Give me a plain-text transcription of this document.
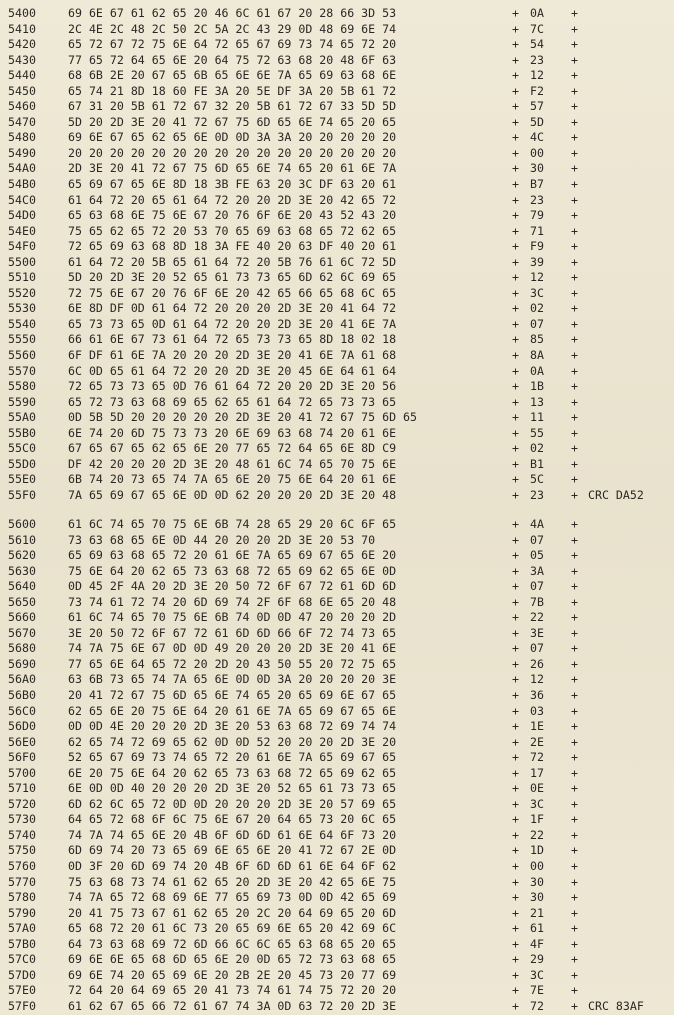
5400	69 6E 67 61 62 65 20 46 6C 61 67 20 28 66 3D 53	+ 0A +
5410	2C 4E 2C 48 2C 50 2C 5A 2C 43 29 0D 48 69 6E 74	+ 7C +
5420	65 72 67 72 75 6E 64 72 65 67 69 73 74 65 72 20	+ 54 +
5430	77 65 72 64 65 6E 20 64 75 72 63 68 20 48 6F 63	+ 23 +
5440	68 6B 2E 20 67 65 6B 65 6E 6E 7A 65 69 63 68 6E	+ 12 +
5450	65 74 21 8D 18 60 FE 3A 20 5E DF 3A 20 5B 61 72	+ F2 +
5460	67 31 20 5B 61 72 67 32 20 5B 61 72 67 33 5D 5D	+ 57 +
5470	5D 20 2D 3E 20 41 72 67 75 6D 65 6E 74 65 20 65	+ 5D +
5480	69 6E 67 65 62 65 6E 0D 0D 3A 3A 20 20 20 20 20	+ 4C +
5490	20 20 20 20 20 20 20 20 20 20 20 20 20 20 20 20	+ 00 +
54A0	2D 3E 20 41 72 67 75 6D 65 6E 74 65 20 61 6E 7A	+ 30 +
54B0	65 69 67 65 6E 8D 18 3B FE 63 20 3C DF 63 20 61	+ B7 +
54C0	61 64 72 20 65 61 64 72 20 20 2D 3E 20 42 65 72	+ 23 +
54D0	65 63 68 6E 75 6E 67 20 76 6F 6E 20 43 52 43 20	+ 79 +
54E0	75 65 62 65 72 20 53 70 65 69 63 68 65 72 62 65	+ 71 +
54F0	72 65 69 63 68 8D 18 3A FE 40 20 63 DF 40 20 61	+ F9 +
5500	61 64 72 20 5B 65 61 64 72 20 5B 76 61 6C 72 5D	+ 39 +
5510	5D 20 2D 3E 20 52 65 61 73 73 65 6D 62 6C 69 65	+ 12 +
5520	72 75 6E 67 20 76 6F 6E 20 42 65 66 65 68 6C 65	+ 3C +
5530	6E 8D DF 0D 61 64 72 20 20 20 2D 3E 20 41 64 72	+ 02 +
5540	65 73 73 65 0D 61 64 72 20 20 2D 3E 20 41 6E 7A	+ 07 +
5550	66 61 6E 67 73 61 64 72 65 73 73 65 8D 18 02 18	+ 85 +
5560	6F DF 61 6E 7A 20 20 20 2D 3E 20 41 6E 7A 61 68	+ 8A +
5570	6C 0D 65 61 64 72 20 20 2D 3E 20 45 6E 64 61 64	+ 0A +
5580	72 65 73 73 65 0D 76 61 64 72 20 20 2D 3E 20 56	+ 1B +
5590	65 72 73 63 68 69 65 62 65 61 64 72 65 73 73 65	+ 13 +
55A0	0D 5B 5D 20 20 20 20 20 2D 3E 20 41 72 67 75 6D 65	+ 11 +
55B0	6E 74 20 6D 75 73 73 20 6E 69 63 68 74 20 61 6E	+ 55 +
55C0	67 65 67 65 62 65 6E 20 77 65 72 64 65 6E 8D C9	+ 02 +
55D0	DF 42 20 20 20 2D 3E 20 48 61 6C 74 65 70 75 6E	+ B1 +
55E0	6B 74 20 73 65 74 7A 65 6E 20 75 6E 64 20 61 6E	+ 5C +
55F0	7A 65 69 67 65 6E 0D 0D 62 20 20 20 2D 3E 20 48	+ 23 + CRC DA52
5600	61 6C 74 65 70 75 6E 6B 74 28 65 29 20 6C 6F 65	+ 4A +
5610	73 63 68 65 6E 0D 44 20 20 20 2D 3E 20 53 70	+ 07 +
5620	65 69 63 68 65 72 20 61 6E 7A 65 69 67 65 6E 20	+ 05 +
5630	75 6E 64 20 62 65 73 63 68 72 65 69 62 65 6E 0D	+ 3A +
5640	0D 45 2F 4A 20 2D 3E 20 50 72 6F 67 72 61 6D 6D	+ 07 +
5650	73 74 61 72 74 20 6D 69 74 2F 6F 68 6E 65 20 48	+ 7B +
5660	61 6C 74 65 70 75 6E 6B 74 0D 0D 47 20 20 20 2D	+ 22 +
5670	3E 20 50 72 6F 67 72 61 6D 6D 66 6F 72 74 73 65	+ 3E +
5680	74 7A 75 6E 67 0D 0D 49 20 20 20 2D 3E 20 41 6E	+ 07 +
5690	77 65 6E 64 65 72 20 2D 20 43 50 55 20 72 75 65	+ 26 +
56A0	63 6B 73 65 74 7A 65 6E 0D 0D 3A 20 20 20 20 3E	+ 12 +
56B0	20 41 72 67 75 6D 65 6E 74 65 20 65 69 6E 67 65	+ 36 +
56C0	62 65 6E 20 75 6E 64 20 61 6E 7A 65 69 67 65 6E	+ 03 +
56D0	0D 0D 4E 20 20 20 2D 3E 20 53 63 68 72 69 74 74	+ 1E +
56E0	62 65 74 72 69 65 62 0D 0D 52 20 20 20 2D 3E 20	+ 2E +
56F0	52 65 67 69 73 74 65 72 20 61 6E 7A 65 69 67 65	+ 72 +
5700	6E 20 75 6E 64 20 62 65 73 63 68 72 65 69 62 65	+ 17 +
5710	6E 0D 0D 40 20 20 20 2D 3E 20 52 65 61 73 73 65	+ 0E +
5720	6D 62 6C 65 72 0D 0D 20 20 20 2D 3E 20 57 69 65	+ 3C +
5730	64 65 72 68 6F 6C 75 6E 67 20 64 65 73 20 6C 65	+ 1F +
5740	74 7A 74 65 6E 20 4B 6F 6D 6D 61 6E 64 6F 73 20	+ 22 +
5750	6D 69 74 20 73 65 69 6E 65 6E 20 41 72 67 2E 0D	+ 1D +
5760	0D 3F 20 6D 69 74 20 4B 6F 6D 6D 61 6E 64 6F 62	+ 00 +
5770	75 63 68 73 74 61 62 65 20 2D 3E 20 42 65 6E 75	+ 30 +
5780	74 7A 65 72 68 69 6E 77 65 69 73 0D 0D 42 65 69	+ 30 +
5790	20 41 75 73 67 61 62 65 20 2C 20 64 69 65 20 6D	+ 21 +
57A0	65 68 72 20 61 6C 73 20 65 69 6E 65 20 42 69 6C	+ 61 +
57B0	64 73 63 68 69 72 6D 66 6C 6C 65 63 68 65 20 65	+ 4F +
57C0	69 6E 6E 65 68 6D 65 6E 20 0D 65 72 73 63 68 65	+ 29 +
57D0	69 6E 74 20 65 69 6E 20 2B 2E 20 45 73 20 77 69	+ 3C +
57E0	72 64 20 64 69 65 20 41 73 74 61 74 75 72 20 20	+ 7E +
57F0	61 62 67 65 66 72 61 67 74 3A 0D 63 72 20 2D 3E	+ 72 + CRC 83AF
